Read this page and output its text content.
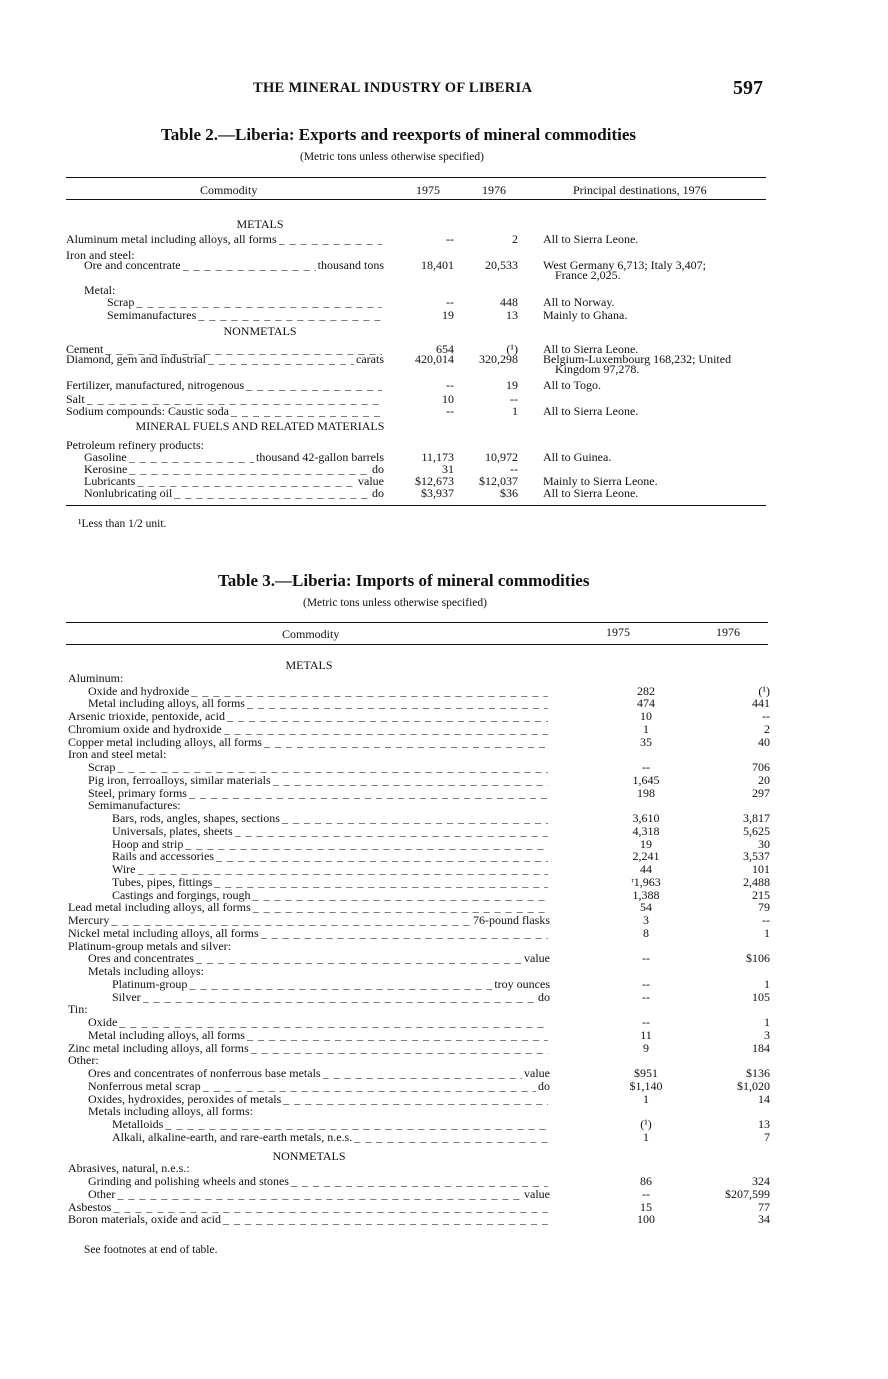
THE MINERAL INDUSTRY OF LIBERIA	597
Table 2.—Liberia: Exports and reexports of mineral commodities
(Metric tons unless otherwise specified)
Commodity	1975	1976	Principal destinations, 1976
METALS
Aluminum metal including alloys, all forms _ _ _	--	2 All to Sierra Leone.
Iron and steel:
Ore and concentrate _ _ _	thousand tons	18,401	20,533 West Germany 6,713; Italy 3,407;
France 2,025.
Metal:
Scrap _ _ _	--	448 All to Norway.
Semimanufactures _ _ _	19	13 Mainly to Ghana.
NONMETALS
Cement _ _ _	654	(¹) All to Sierra Leone.
Diamond, gem and industrial _ _ _	carats	420,014	320,298 Belgium-Luxembourg 168,232; United
Kingdom 97,278.
Fertilizer, manufactured, nitrogenous _ _ _	--	19 All to Togo.
Salt _ _ _	10	--
Sodium compounds: Caustic soda _ _ _	--	1 All to Sierra Leone.
MINERAL FUELS AND RELATED MATERIALS
Petroleum refinery products:
Gasoline _ _ _	thousand 42-gallon barrels	11,173	10,972 All to Guinea.
Kerosine _ _ _	do	31	--
Lubricants _ _ _	value	$12,673	$12,037 Mainly to Sierra Leone.
Nonlubricating oil _ _ _	do	$3,937	$36 All to Sierra Leone.
¹Less than 1/2 unit.
Table 3.—Liberia: Imports of mineral commodities
(Metric tons unless otherwise specified)
Commodity	1975	1976
METALS
Aluminum:
Oxide and hydroxide _ _ _	282	(¹)
Metal including alloys, all forms _ _ _	474	441
Arsenic trioxide, pentoxide, acid _ _ _	10	--
Chromium oxide and hydroxide _ _ _	1	2
Copper metal including alloys, all forms _ _ _	35	40
Iron and steel metal:
Scrap _ _ _	--	706
Pig iron, ferroalloys, similar materials _ _ _	1,645	20
Steel, primary forms _ _ _	198	297
Semimanufactures:
Bars, rods, angles, shapes, sections _ _ _	3,610	3,817
Universals, plates, sheets _ _ _	4,318	5,625
Hoop and strip _ _ _	19	30
Rails and accessories _ _ _	2,241	3,537
Wire _ _ _	44	101
Tubes, pipes, fittings _ _ _	ʳ1,963	2,488
Castings and forgings, rough _ _ _	1,388	215
Lead metal including alloys, all forms _ _ _	54	79
Mercury _ _ _	76-pound flasks	3	--
Nickel metal including alloys, all forms _ _ _	8	1
Platinum-group metals and silver:
Ores and concentrates _ _ _	value	--	$106
Metals including alloys:
Platinum-group _ _ _	troy ounces	--	1
Silver _ _ _	do	--	105
Tin:
Oxide _ _ _	--	1
Metal including alloys, all forms _ _ _	11	3
Zinc metal including alloys, all forms _ _ _	9	184
Other:
Ores and concentrates of nonferrous base metals _ _ _	value	$951	$136
Nonferrous metal scrap _ _ _	do	$1,140	$1,020
Oxides, hydroxides, peroxides of metals _ _ _	1	14
Metals including alloys, all forms:
Metalloids _ _ _	(¹)	13
Alkali, alkaline-earth, and rare-earth metals, n.e.s. _ _ _	1	7
NONMETALS
Abrasives, natural, n.e.s.:
Grinding and polishing wheels and stones _ _ _	86	324
Other _ _ _	value	--	$207,599
Asbestos _ _ _	15	77
Boron materials, oxide and acid _ _ _	100	34
See footnotes at end of table.
